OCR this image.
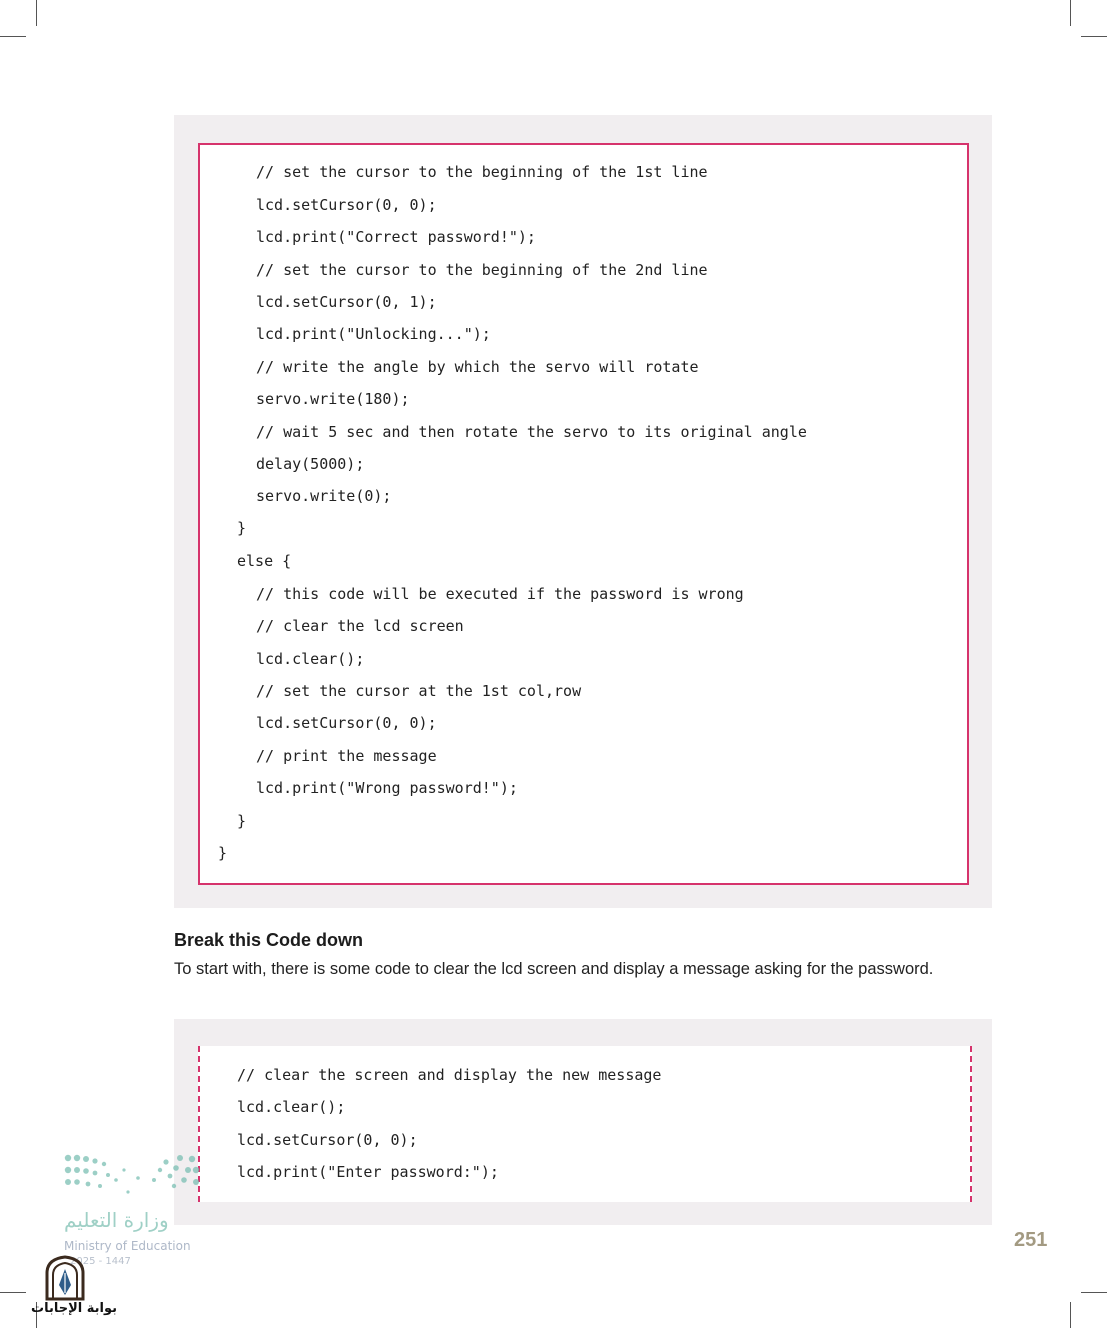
// set the cursor to the beginning of the 1st line
lcd.setCursor(0, 0);
lcd.print("Correct password!");
// set the cursor to the beginning of the 2nd line
lcd.setCursor(0, 1);
lcd.print("Unlocking...");
// write the angle by which the servo will rotate
servo.write(180);
// wait 5 sec and then rotate the servo to its original angle
delay(5000);
servo.write(0);
}
else {
// this code will be executed if the password is wrong
// clear the lcd screen
lcd.clear();
// set the cursor at the 1st col,row
lcd.setCursor(0, 0);
// print the message
lcd.print("Wrong password!");
}
}
Break this Code down

To start with, there is some code to clear the lcd screen and display a message asking for the password.

// clear the screen and display the new message
lcd.clear();
lcd.setCursor(0, 0);
lcd.print("Enter password:");
وزارة التعليم
Ministry of Education
2025 - 1447
بوابة الإجابات
251
